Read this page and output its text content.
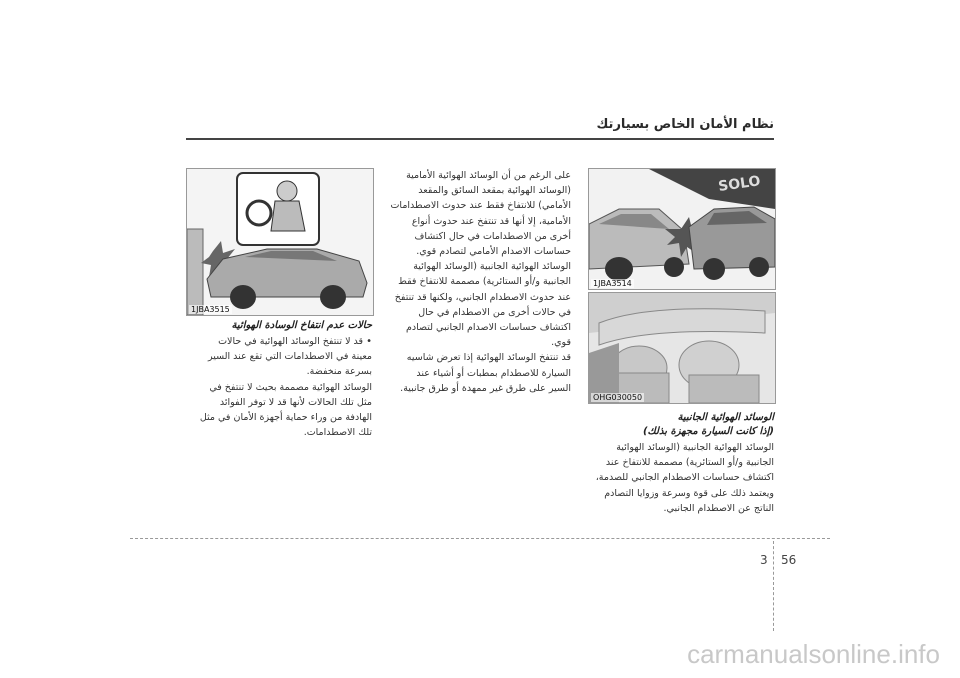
نظام الأمان الخاص بسيارتك
SOLO
1JBA3514
OHG030050
الوسائد الهوائية الجانبية
(إذا كانت السيارة مجهزة بذلك)
الوسائد الهوائية الجانبية (الوسائد الهوائية
الجانبية و/أو الستائرية) مصممة للانتفاخ عند
اكتشاف حساسات الاصطدام الجانبي للصدمة،
ويعتمد ذلك على قوة وسرعة وزوايا التصادم
الناتج عن الاصطدام الجانبي.
على الرغم من أن الوسائد الهوائية الأمامية
(الوسائد الهوائية بمقعد السائق والمقعد
الأمامي) للانتفاخ فقط عند حدوث الاصطدامات
الأمامية، إلا أنها قد تنتفخ عند حدوث أنواع
أخرى من الاصطدامات في حال اكتشاف
حساسات الاصدام الأمامي لتصادم قوي.
الوسائد الهوائية الجانبية (الوسائد الهوائية
الجانبية و/أو الستائرية) مصممة للانتفاخ فقط
عند حدوث الاصطدام الجانبي، ولكنها قد تنتفخ
في حالات أخرى من الاصطدام في حال
اكتشاف حساسات الاصدام الجانبي لتصادم
قوي.
قد تنتفخ الوسائد الهوائية إذا تعرض شاسيه
السيارة للاصطدام بمطبات أو أشياء عند
السير على طرق غير ممهدة أو طرق جانبية.
1JBA3515
حالات عدم انتفاخ الوسادة الهوائية
• قد لا تنتفخ الوسائد الهوائية في حالات
معينة في الاصطدامات التي تقع عند السير
بسرعة منخفضة.
الوسائد الهوائية مصممة بحيث لا تنتفخ في
مثل تلك الحالات لأنها قد لا توفر الفوائد
الهادفة من وراء حماية أجهزة الأمان في مثل
تلك الاصطدامات.
3 56
carmanualsonline.info
